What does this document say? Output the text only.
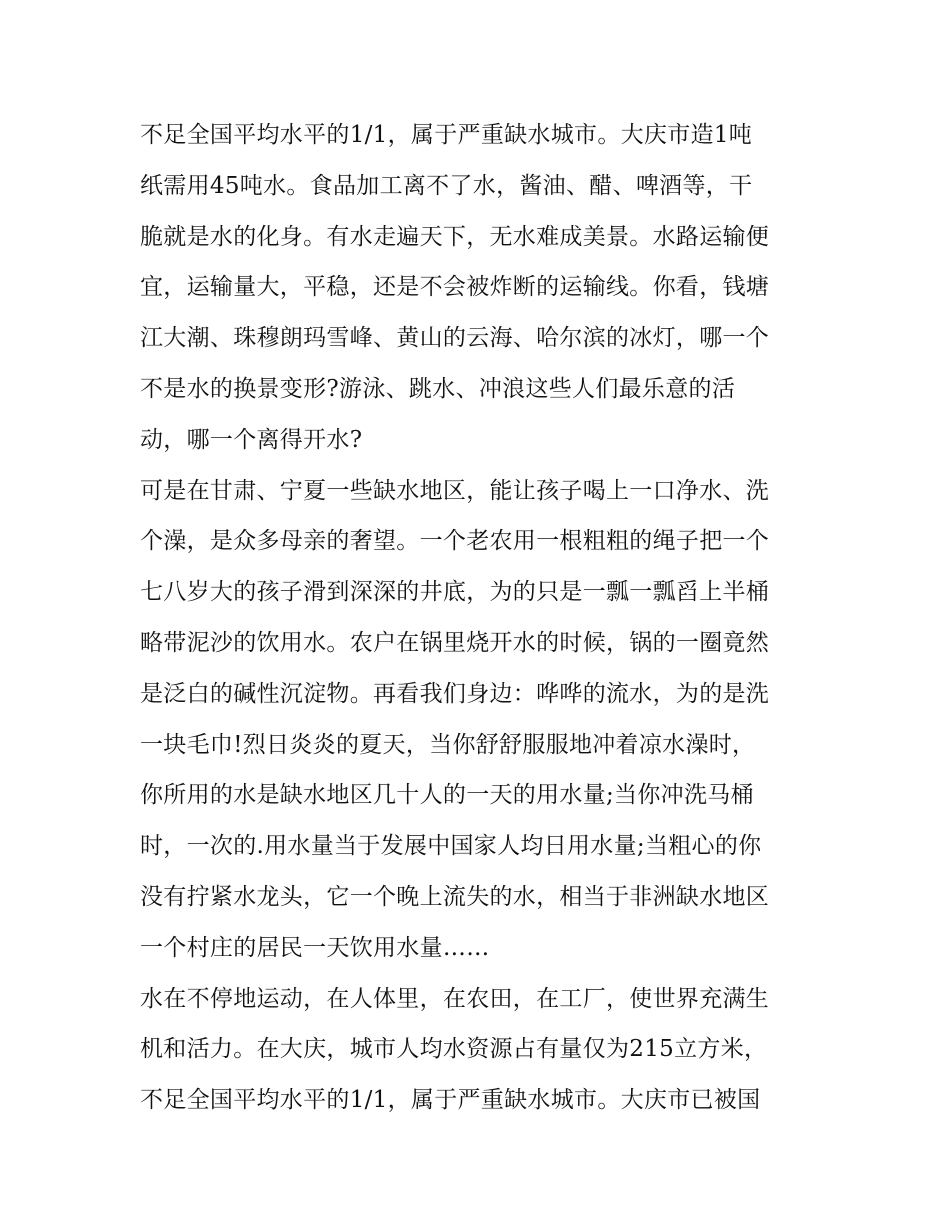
不足全国平均水平的1/1，属于严重缺水城市。大庆市造1吨
纸需用45吨水。食品加工离不了水，酱油、醋、啤酒等，干
脆就是水的化身。有水走遍天下，无水难成美景。水路运输便
宜，运输量大，平稳，还是不会被炸断的运输线。你看，钱塘
江大潮、珠穆朗玛雪峰、黄山的云海、哈尔滨的冰灯，哪一个
不是水的换景变形?游泳、跳水、冲浪这些人们最乐意的活
动，哪一个离得开水?
可是在甘肃、宁夏一些缺水地区，能让孩子喝上一口净水、洗
个澡，是众多母亲的奢望。一个老农用一根粗粗的绳子把一个
七八岁大的孩子滑到深深的井底，为的只是一瓢一瓢舀上半桶
略带泥沙的饮用水。农户在锅里烧开水的时候，锅的一圈竟然
是泛白的碱性沉淀物。再看我们身边：哗哗的流水，为的是洗
一块毛巾!烈日炎炎的夏天，当你舒舒服服地冲着凉水澡时，
你所用的水是缺水地区几十人的一天的用水量;当你冲洗马桶
时，一次的.用水量当于发展中国家人均日用水量;当粗心的你
没有拧紧水龙头，它一个晚上流失的水，相当于非洲缺水地区
一个村庄的居民一天饮用水量……
水在不停地运动，在人体里，在农田，在工厂，使世界充满生
机和活力。在大庆，城市人均水资源占有量仅为215立方米，
不足全国平均水平的1/1，属于严重缺水城市。大庆市已被国
